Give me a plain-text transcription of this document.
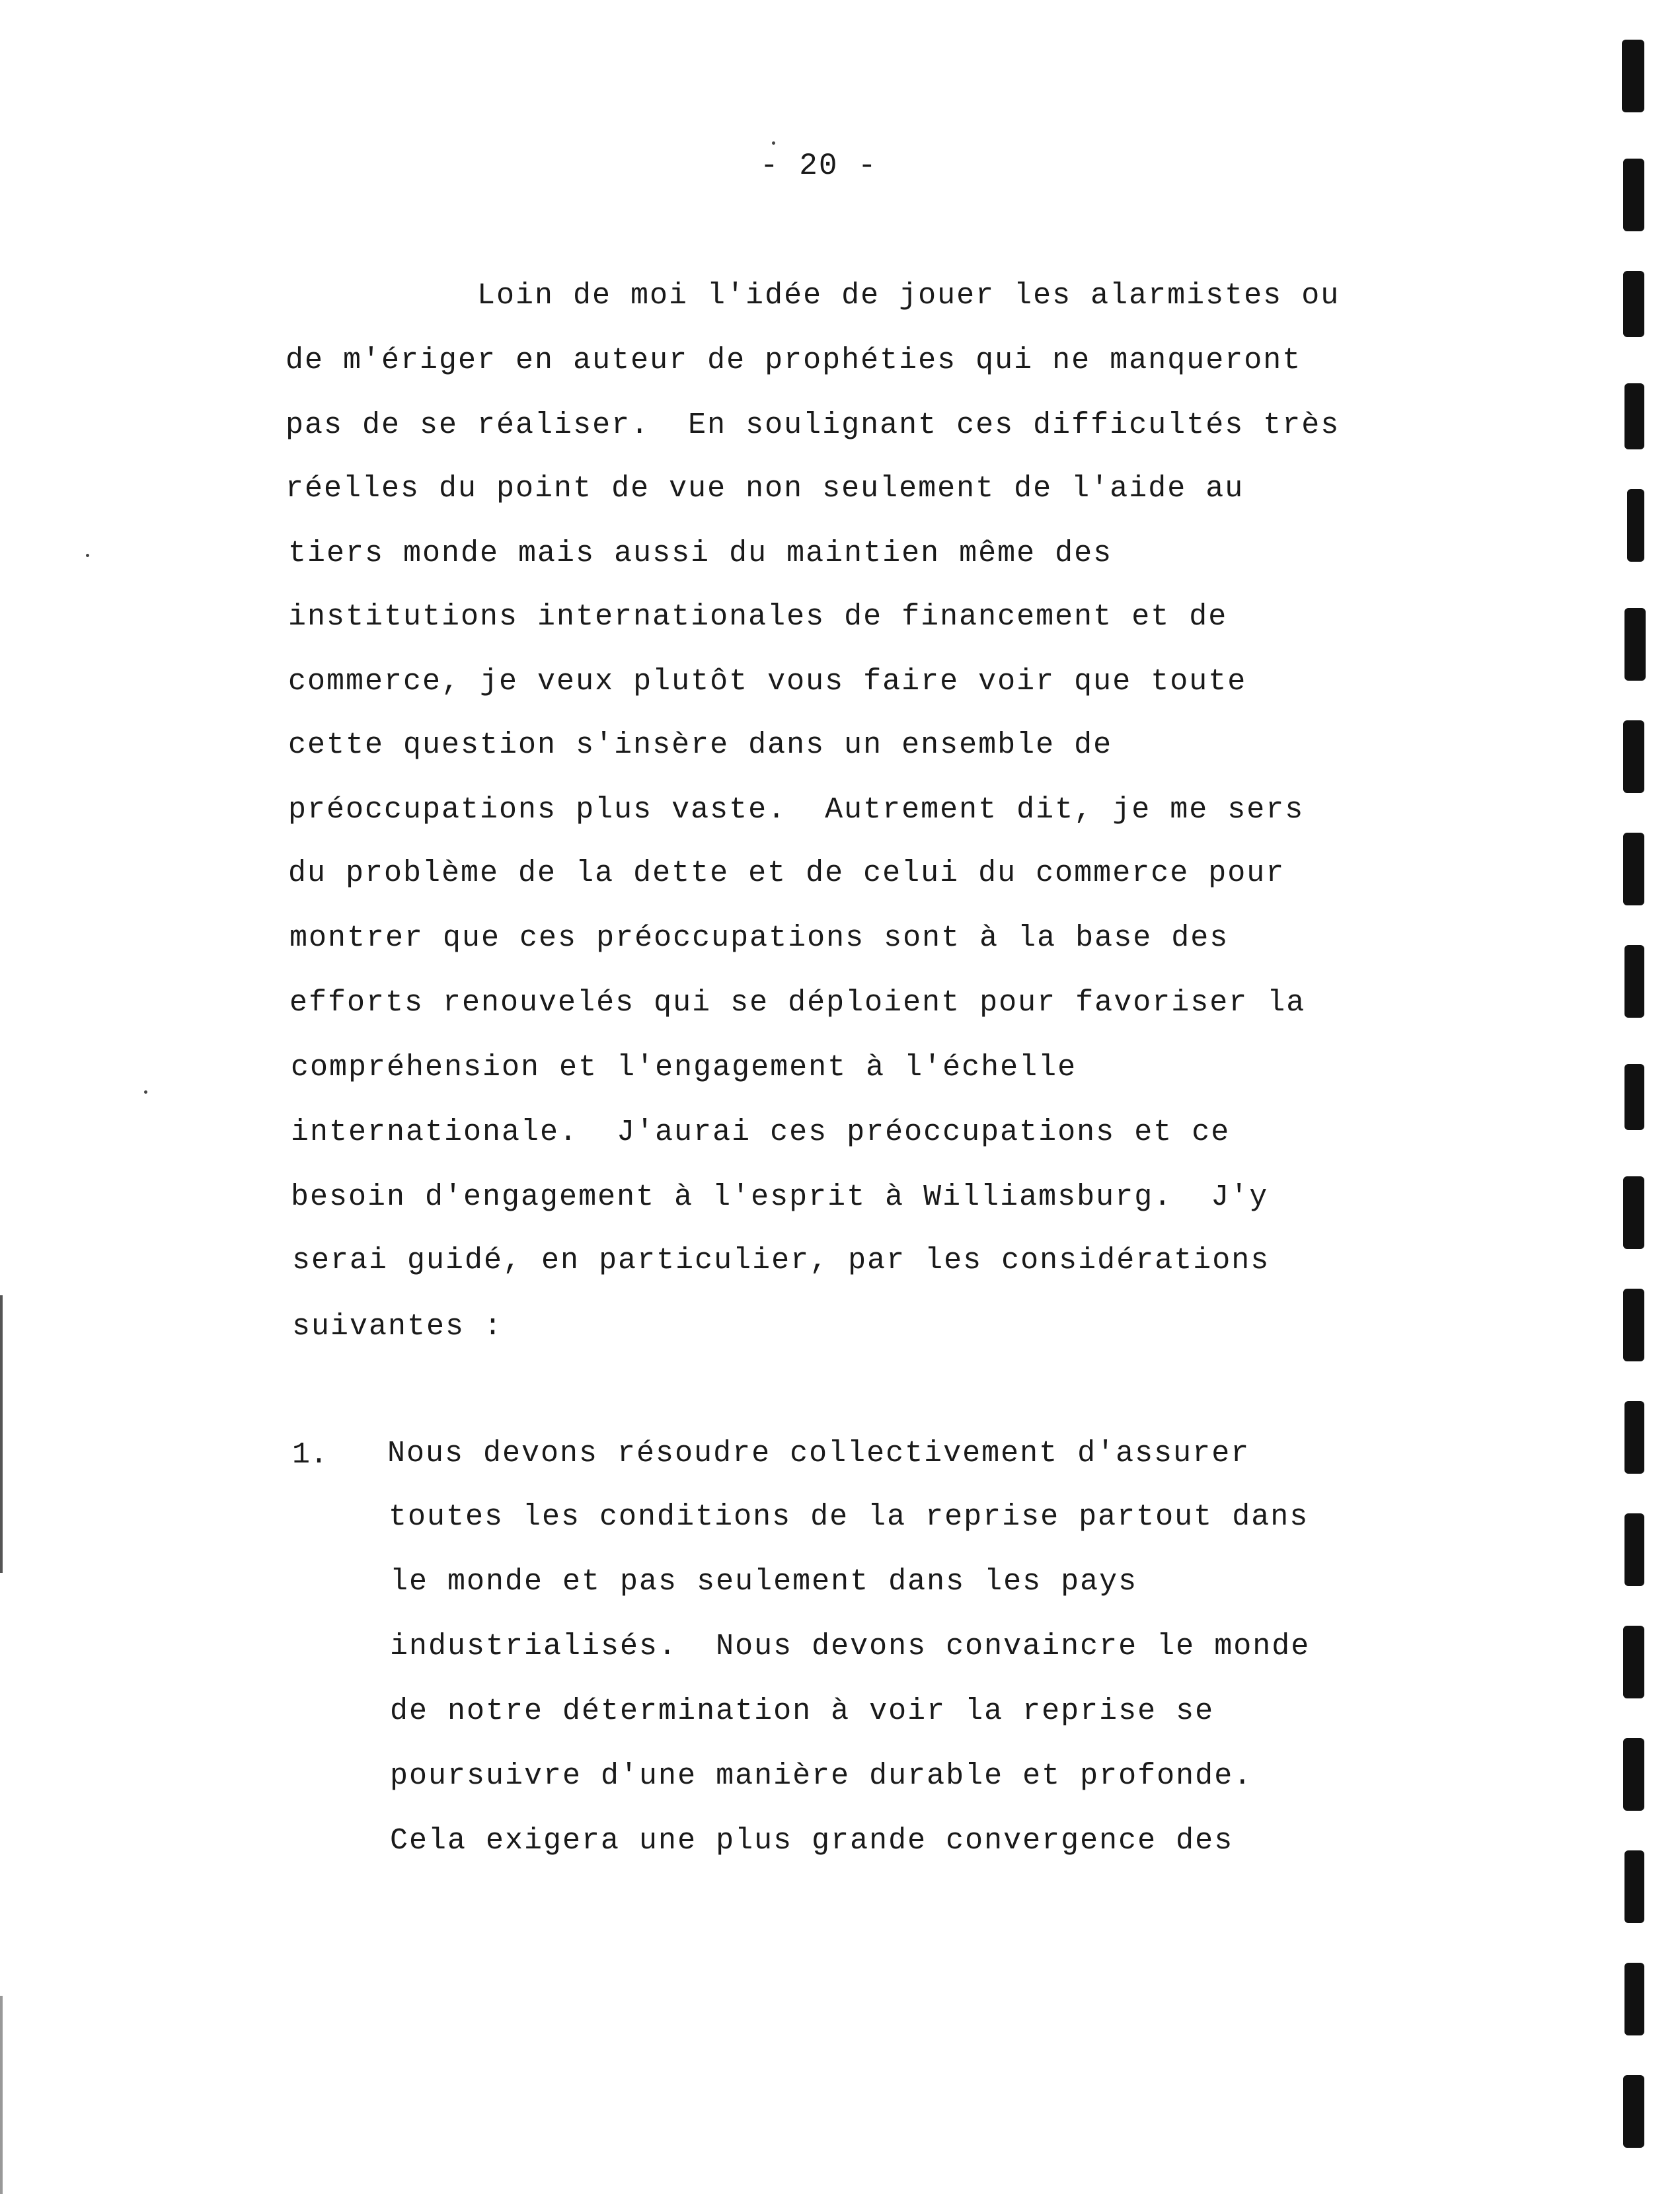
- 20 -
Loin de moi l'idée de jouer les alarmistes ou
de m'ériger en auteur de prophéties qui ne manqueront
pas de se réaliser.  En soulignant ces difficultés très
réelles du point de vue non seulement de l'aide au
tiers monde mais aussi du maintien même des
institutions internationales de financement et de
commerce, je veux plutôt vous faire voir que toute
cette question s'insère dans un ensemble de
préoccupations plus vaste.  Autrement dit, je me sers
du problème de la dette et de celui du commerce pour
montrer que ces préoccupations sont à la base des
efforts renouvelés qui se déploient pour favoriser la
compréhension et l'engagement à l'échelle
internationale.  J'aurai ces préoccupations et ce
besoin d'engagement à l'esprit à Williamsburg.  J'y
serai guidé, en particulier, par les considérations
suivantes :
1. Nous devons résoudre collectivement d'assurer
toutes les conditions de la reprise partout dans
le monde et pas seulement dans les pays
industrialisés.  Nous devons convaincre le monde
de notre détermination à voir la reprise se
poursuivre d'une manière durable et profonde.
Cela exigera une plus grande convergence des
